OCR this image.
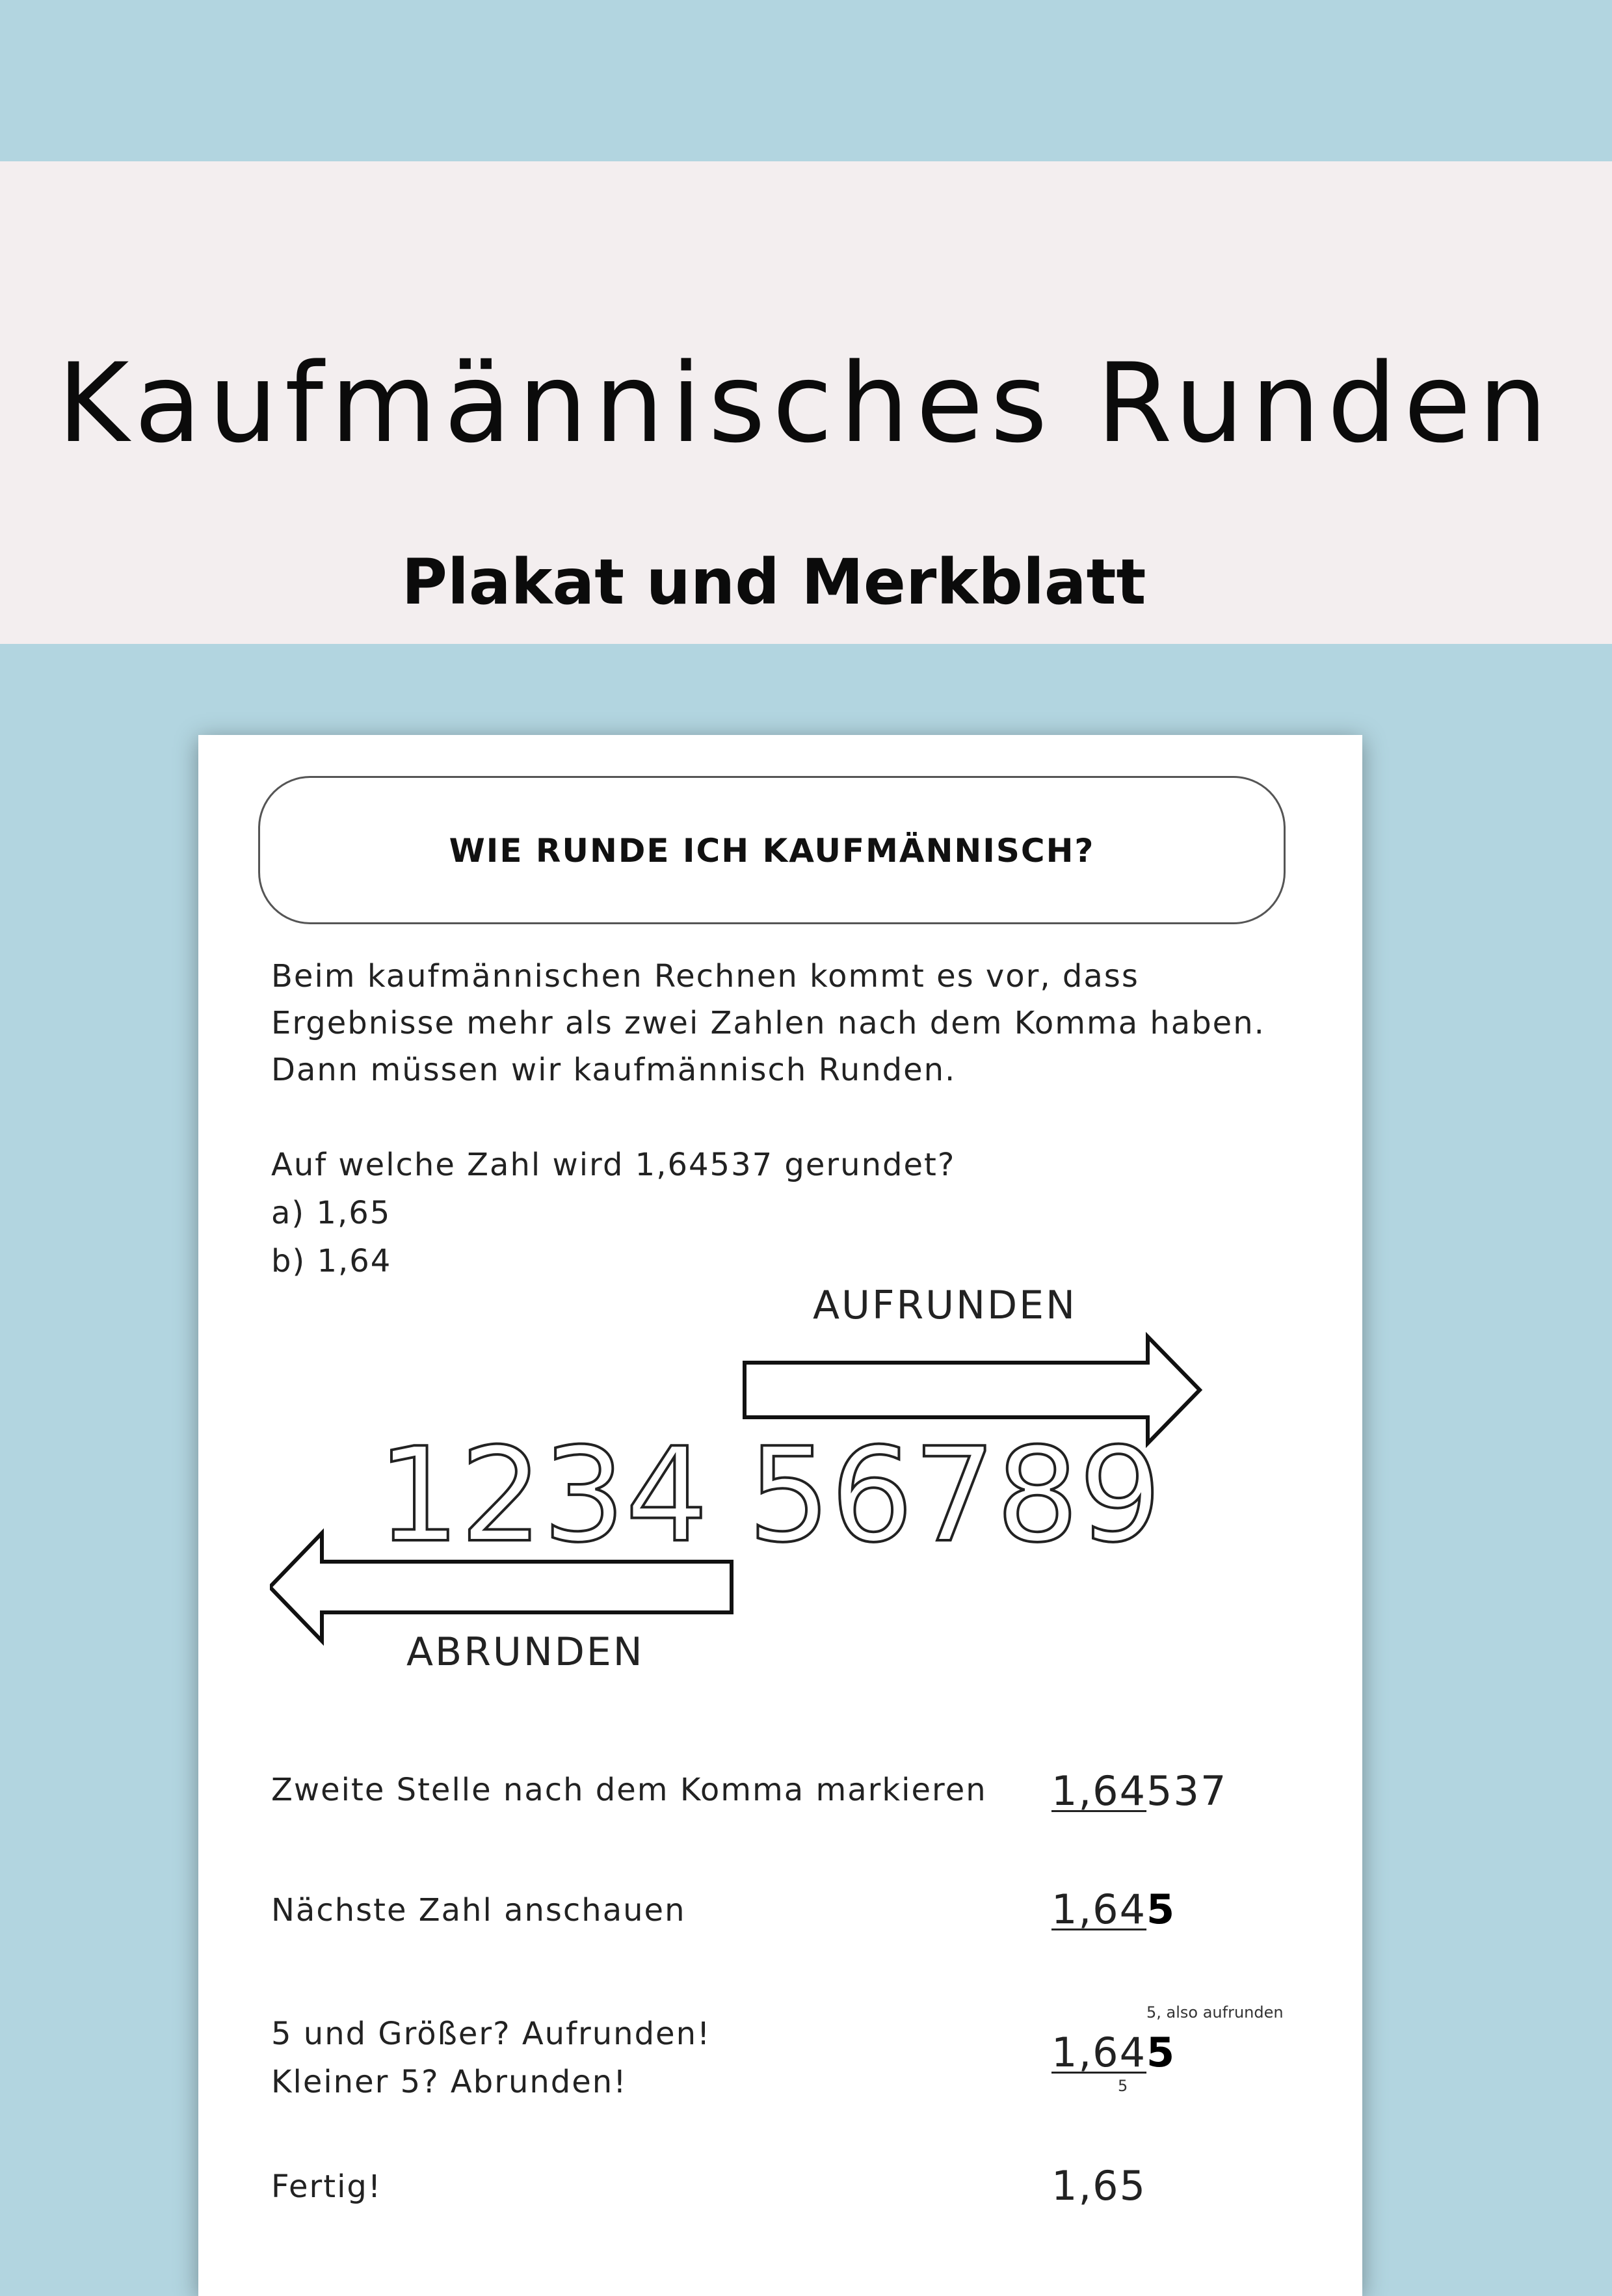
Kaufmännisches Runden
Plakat und Merkblatt
WIE RUNDE ICH KAUFMÄNNISCH?
Beim kaufmännischen Rechnen kommt es vor, dass
Ergebnisse mehr als zwei Zahlen nach dem Komma haben.
Dann müssen wir kaufmännisch Runden.
Auf welche Zahl wird 1,64537 gerundet?
a) 1,65
b) 1,64
AUFRUNDEN
1234 56789
ABRUNDEN
Zweite Stelle nach dem Komma markieren 1,64537
Nächste Zahl anschauen	1,645
5 und Größer? Aufrunden!
Kleiner 5? Abrunden!
5, also aufrunden
1,645
5
Fertig!	1,65
